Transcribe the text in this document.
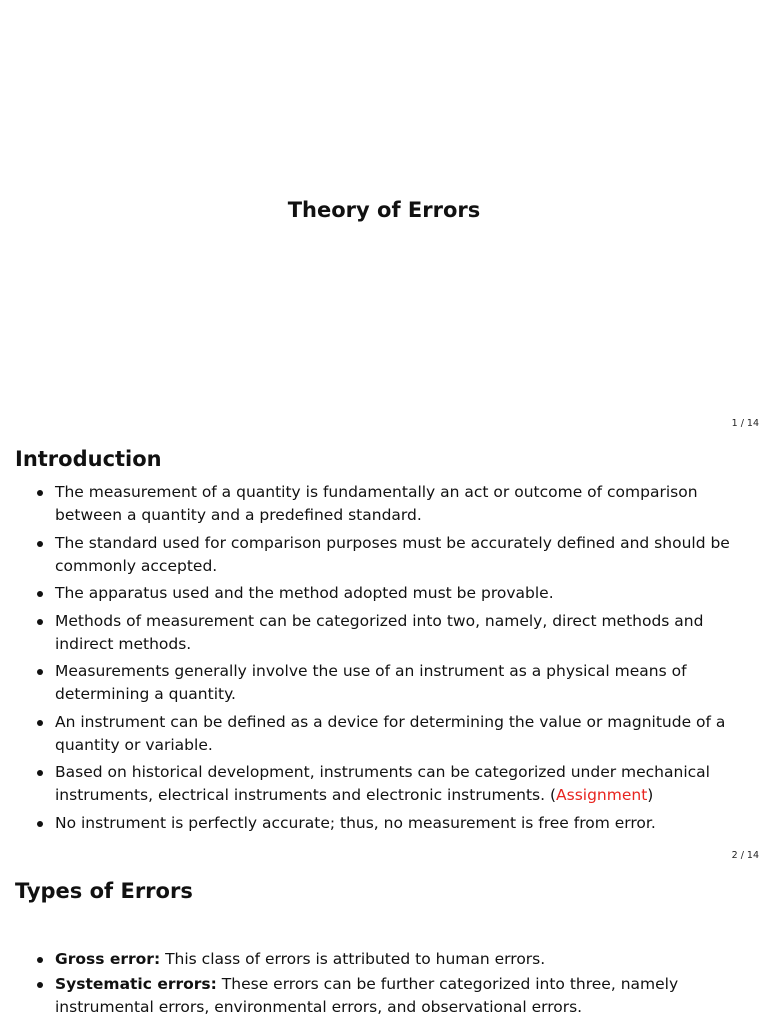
Theory of Errors
1 / 14
Introduction
The measurement of a quantity is fundamentally an act or outcome of comparison between a quantity and a predefined standard.
The standard used for comparison purposes must be accurately defined and should be commonly accepted.
The apparatus used and the method adopted must be provable.
Methods of measurement can be categorized into two, namely, direct methods and indirect methods.
Measurements generally involve the use of an instrument as a physical means of determining a quantity.
An instrument can be defined as a device for determining the value or magnitude of a quantity or variable.
Based on historical development, instruments can be categorized under mechanical instruments, electrical instruments and electronic instruments. (Assignment)
No instrument is perfectly accurate; thus, no measurement is free from error.
2 / 14
Types of Errors
Gross error: This class of errors is attributed to human errors.
Systematic errors: These errors can be further categorized into three, namely instrumental errors, environmental errors, and observational errors.
